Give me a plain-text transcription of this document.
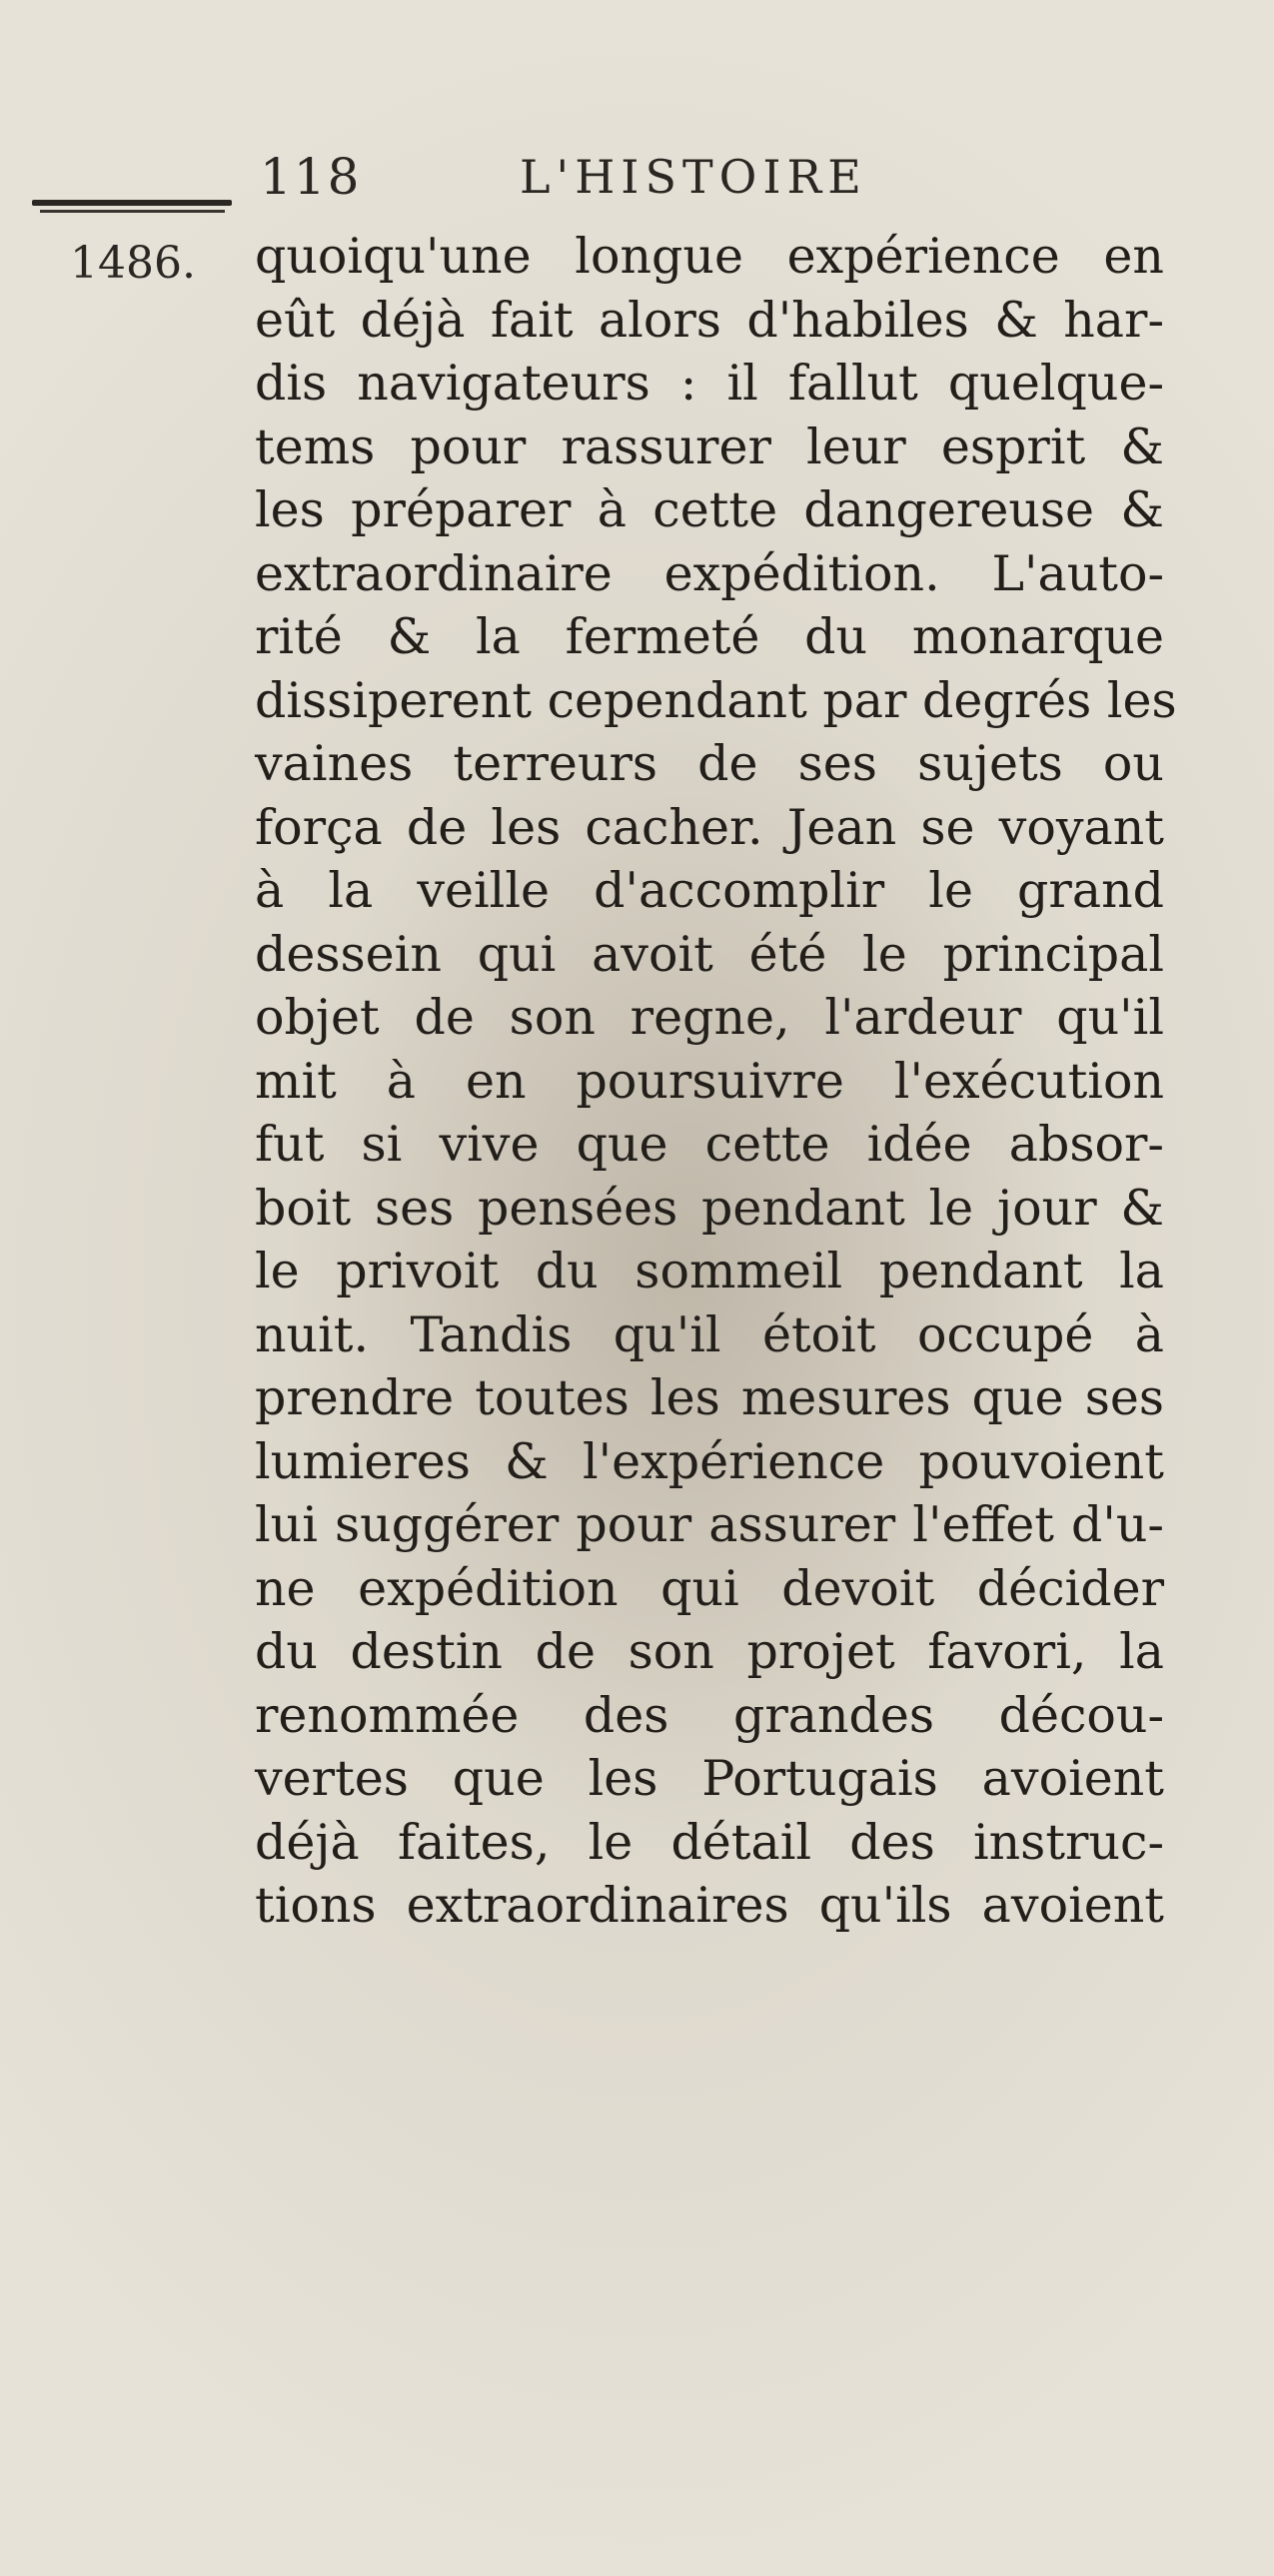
118	L'HISTOIRE
1486. quoiqu'une longue expérience en
eût déjà fait alors d'habiles & har-
dis navigateurs : il fallut quelque-
tems pour rassurer leur esprit &
les préparer à cette dangereuse &
extraordinaire expédition. L'auto-
rité & la fermeté du monarque
dissiperent cependant par degrés les
vaines terreurs de ses sujets ou
força de les cacher. Jean se voyant
à la veille d'accomplir le grand
dessein qui avoit été le principal
objet de son regne, l'ardeur qu'il
mit à en poursuivre l'exécution
fut si vive que cette idée absor-
boit ses pensées pendant le jour &
le privoit du sommeil pendant la
nuit. Tandis qu'il étoit occupé à
prendre toutes les mesures que ses
lumieres & l'expérience pouvoient
lui suggérer pour assurer l'effet d'u-
ne expédition qui devoit décider
du destin de son projet favori, la
renommée des grandes décou-
vertes que les Portugais avoient
déjà faites, le détail des instruc-
tions extraordinaires qu'ils avoient
